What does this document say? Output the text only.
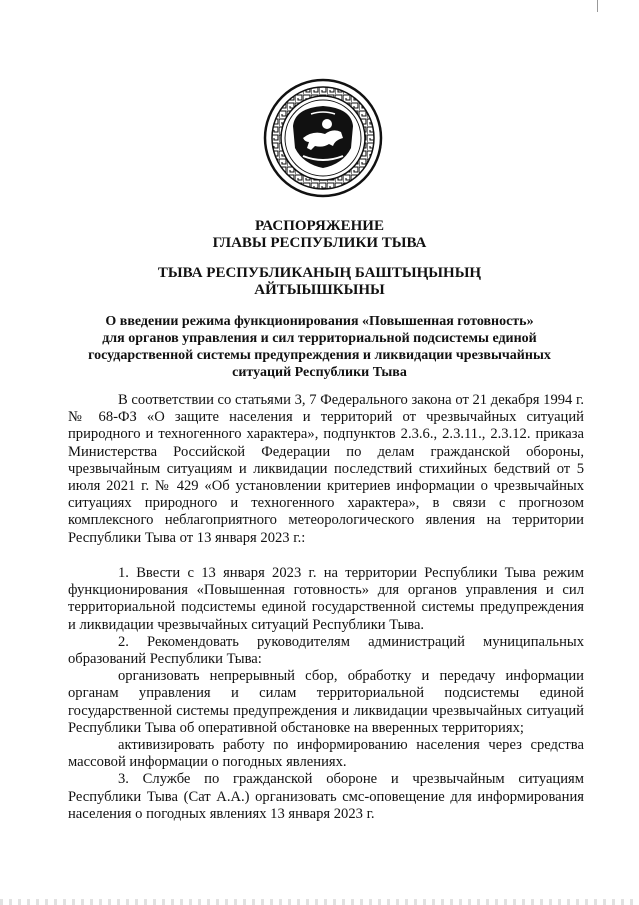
РАСПОРЯЖЕНИЕ
ГЛАВЫ РЕСПУБЛИКИ ТЫВА
ТЫВА РЕСПУБЛИКАНЫҢ БАШТЫҢЫНЫҢ
АЙТЫЫШКЫНЫ
О введении режима функционирования «Повышенная готовность»
для органов управления и сил территориальной подсистемы единой
государственной системы предупреждения и ликвидации чрезвычайных
ситуаций Республики Тыва

В соответствии со статьями 3, 7 Федерального закона от 21 декабря 1994 г. № 68-ФЗ «О защите населения и территорий от чрезвычайных ситуаций природного и техногенного характера», подпунктов 2.3.6., 2.3.11., 2.3.12. приказа Министерства Российской Федерации по делам гражданской обороны, чрезвычайным ситуациям и ликвидации последствий стихийных бедствий от 5 июля 2021 г. № 429 «Об установлении критериев информации о чрезвычайных ситуациях природного и техногенного характера», в связи с прогнозом комплексного неблагоприятного метеорологического явления на территории Республики Тыва от 13 января 2023 г.:

1. Ввести с 13 января 2023 г. на территории Республики Тыва режим функционирования «Повышенная готовность» для органов управления и сил территориальной подсистемы единой государственной системы предупреждения и ликвидации чрезвычайных ситуаций Республики Тыва.

2. Рекомендовать руководителям администраций муниципальных образований Республики Тыва:

организовать непрерывный сбор, обработку и передачу информации органам управления и силам территориальной подсистемы единой государственной системы предупреждения и ликвидации чрезвычайных ситуаций Республики Тыва об оперативной обстановке на вверенных территориях;

активизировать работу по информированию населения через средства массовой информации о погодных явлениях.

3. Службе по гражданской обороне и чрезвычайным ситуациям Республики Тыва (Сат А.А.) организовать смс-оповещение для информирования населения о погодных явлениях 13 января 2023 г.
